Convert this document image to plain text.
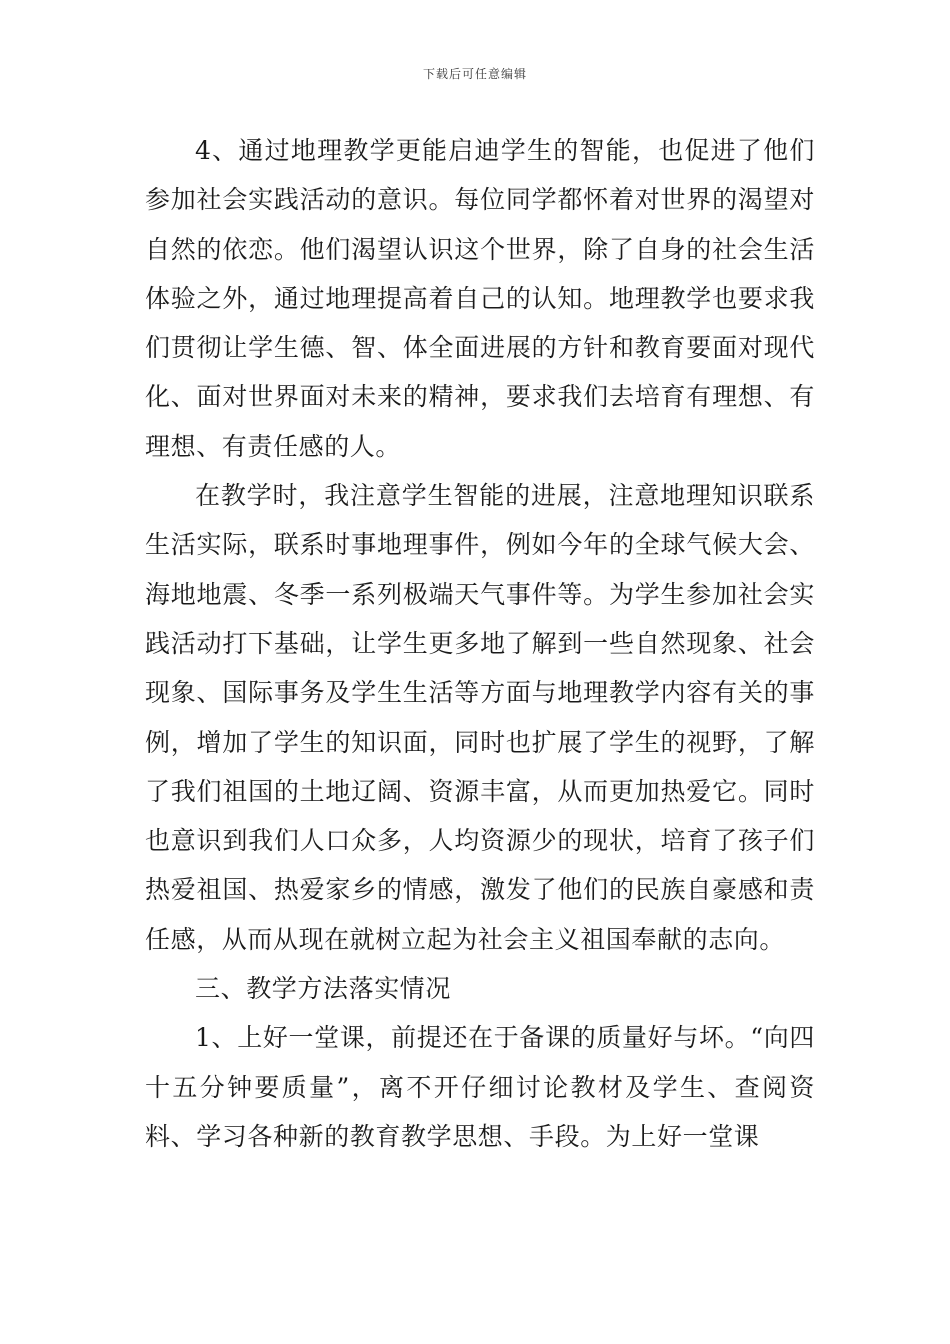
下载后可任意编辑

4、通过地理教学更能启迪学生的智能，也促进了他们参加社会实践活动的意识。每位同学都怀着对世界的渴望对自然的依恋。他们渴望认识这个世界，除了自身的社会生活体验之外，通过地理提高着自己的认知。地理教学也要求我们贯彻让学生德、智、体全面进展的方针和教育要面对现代化、面对世界面对未来的精神，要求我们去培育有理想、有理想、有责任感的人。

在教学时，我注意学生智能的进展，注意地理知识联系生活实际，联系时事地理事件，例如今年的全球气候大会、海地地震、冬季一系列极端天气事件等。为学生参加社会实践活动打下基础，让学生更多地了解到一些自然现象、社会现象、国际事务及学生生活等方面与地理教学内容有关的事例，增加了学生的知识面，同时也扩展了学生的视野，了解了我们祖国的土地辽阔、资源丰富，从而更加热爱它。同时也意识到我们人口众多，人均资源少的现状，培育了孩子们热爱祖国、热爱家乡的情感，激发了他们的民族自豪感和责任感，从而从现在就树立起为社会主义祖国奉献的志向。

三、教学方法落实情况

1、上好一堂课，前提还在于备课的质量好与坏。“向四十五分钟要质量”，离不开仔细讨论教材及学生、查阅资料、学习各种新的教育教学思想、手段。为上好一堂课
